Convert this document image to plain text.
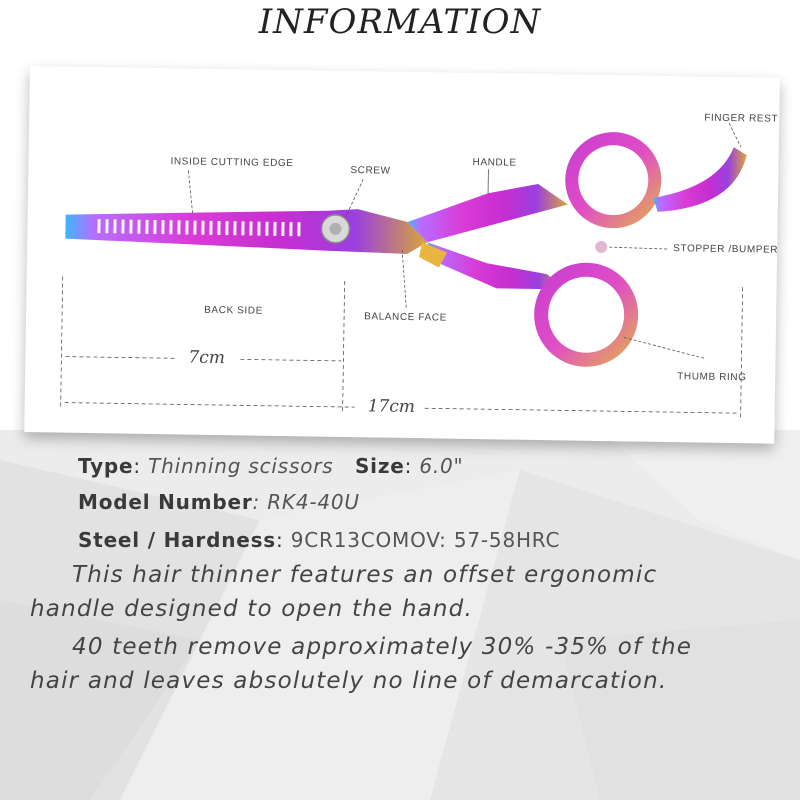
INFORMATION
FINGER REST
INSIDE CUTTING EDGE
SCREW
HANDLE
STOPPER /BUMPER
BACK SIDE
BALANCE FACE
THUMB RING
7cm
17cm
Type: Thinning scissors Size: 6.0"
Model Number: RK4-40U
Steel / Hardness: 9CR13COMOV: 57-58HRC
This hair thinner features an offset ergonomic
handle designed to open the hand.
40 teeth remove approximately 30% -35% of the
hair and leaves absolutely no line of demarcation.
